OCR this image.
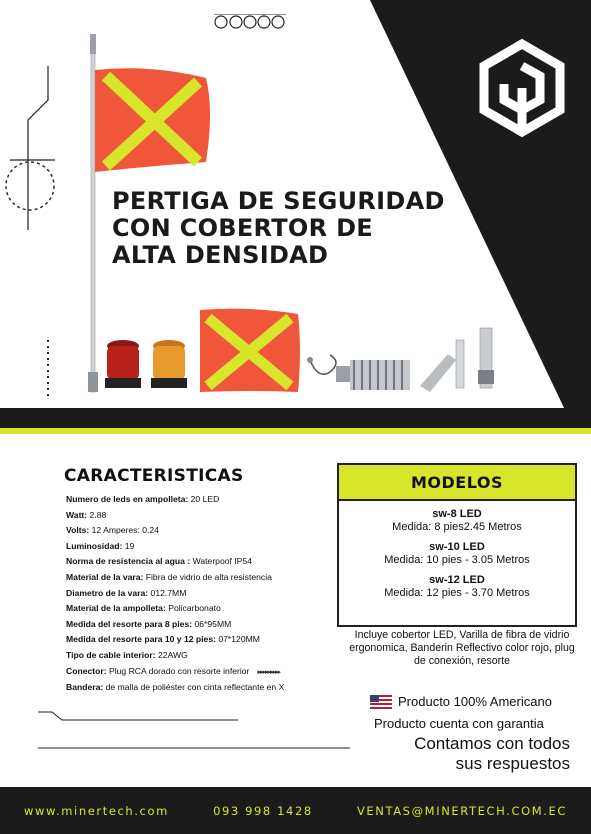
PERTIGA DE SEGURIDAD
CON COBERTOR DE
ALTA DENSIDAD
CARACTERISTICAS
Numero de leds en ampolleta: 20 LED
Watt: 2.88
Volts: 12 Amperes: 0.24
Luminosidad: 19
Norma de resistencia al agua : Waterpoof IP54
Material de la vara: Fibra de vidrio de alta resistencia
Diametro de la vara: 012.7MM
Material de la ampolleta: Policarbonato
Medida del resorte para 8 pies: 06*95MM
Medida del resorte para 10 y 12 pies: 07*120MM
Tipo de cable interior: 22AWG
Conector: Plug RCA dorado con resorte inferior ▸▸▸▸▸▸▸▸▸
Bandera: de malla de poliéster con cinta reflectante en X
MODELOS
sw-8 LED
Medida: 8 pies2.45 Metros
sw-10 LED
Medida: 10 pies - 3.05 Metros
sw-12 LED
Medida: 12 pies - 3.70 Metros
Incluye cobertor LED, Varilla de fibra de vidrio ergonomica, Banderin Reflectivo color rojo, plug de conexión, resorte
Producto 100% Americano
Producto cuenta con garantia
Contamos con todos
sus respuestos
www.minertech.com	093 998 1428	VENTAS@MINERTECH.COM.EC
